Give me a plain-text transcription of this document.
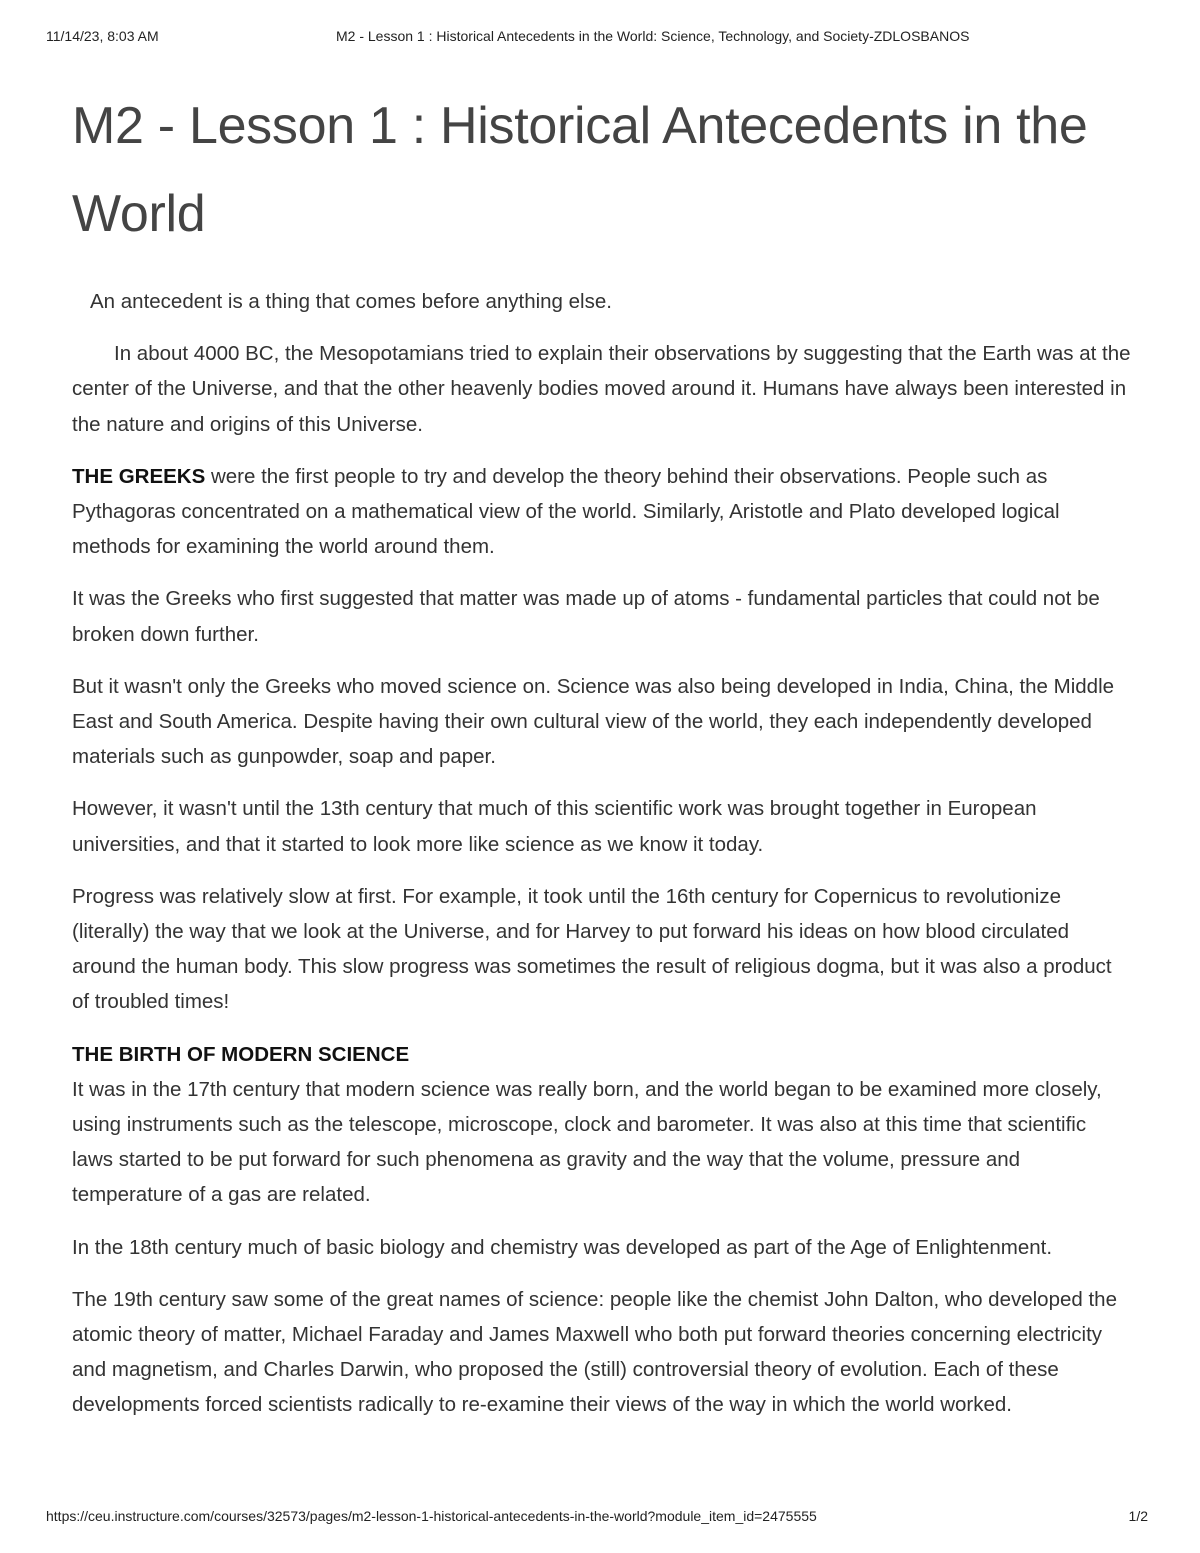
11/14/23, 8:03 AM	M2 - Lesson 1 : Historical Antecedents in the World: Science, Technology, and Society-ZDLOSBANOS
M2 - Lesson 1 : Historical Antecedents in the World

An antecedent is a thing that comes before anything else.

In about 4000 BC, the Mesopotamians tried to explain their observations by suggesting that the Earth was at the center of the Universe, and that the other heavenly bodies moved around it. Humans have always been interested in the nature and origins of this Universe.

THE GREEKS were the first people to try and develop the theory behind their observations. People such as Pythagoras concentrated on a mathematical view of the world. Similarly, Aristotle and Plato developed logical methods for examining the world around them.

It was the Greeks who first suggested that matter was made up of atoms - fundamental particles that could not be broken down further.

But it wasn't only the Greeks who moved science on. Science was also being developed in India, China, the Middle East and South America. Despite having their own cultural view of the world, they each independently developed materials such as gunpowder, soap and paper.

However, it wasn't until the 13th century that much of this scientific work was brought together in European universities, and that it started to look more like science as we know it today.

Progress was relatively slow at first. For example, it took until the 16th century for Copernicus to revolutionize (literally) the way that we look at the Universe, and for Harvey to put forward his ideas on how blood circulated around the human body. This slow progress was sometimes the result of religious dogma, but it was also a product of troubled times!

THE BIRTH OF MODERN SCIENCE
It was in the 17th century that modern science was really born, and the world began to be examined more closely, using instruments such as the telescope, microscope, clock and barometer. It was also at this time that scientific laws started to be put forward for such phenomena as gravity and the way that the volume, pressure and temperature of a gas are related.

In the 18th century much of basic biology and chemistry was developed as part of the Age of Enlightenment.

The 19th century saw some of the great names of science: people like the chemist John Dalton, who developed the atomic theory of matter, Michael Faraday and James Maxwell who both put forward theories concerning electricity and magnetism, and Charles Darwin, who proposed the (still) controversial theory of evolution. Each of these developments forced scientists radically to re-examine their views of the way in which the world worked.

https://ceu.instructure.com/courses/32573/pages/m2-lesson-1-historical-antecedents-in-the-world?module_item_id=2475555	1/2
